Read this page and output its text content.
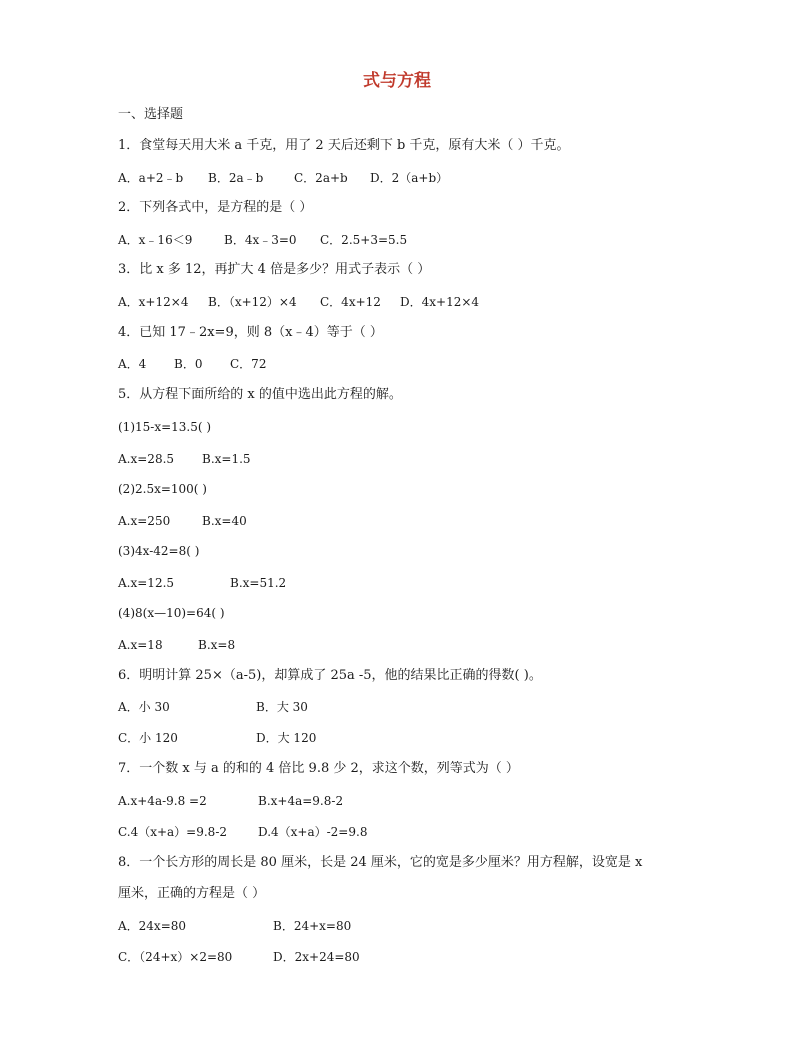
式与方程
一、选择题
1．食堂每天用大米 a 千克，用了 2 天后还剩下 b 千克，原有大米（ ）千克。
A．a+2﹣b B．2a﹣b	C．2a+b D．2（a+b）
2．下列各式中，是方程的是（ ）
A．x﹣16＜9	B．4x﹣3=0 C．2.5+3=5.5
3．比 x 多 12，再扩大 4 倍是多少？用式子表示（ ）
A．x+12×4 B．（x+12）×4 C．4x+12 D．4x+12×4
4．已知 17﹣2x=9，则 8（x﹣4）等于（ ）
A．4 B．0 C．72
5．从方程下面所给的 x 的值中选出此方程的解。
(1)15-x=13.5( )
A.x=28.5 B.x=1.5
(2)2.5x=100( )
A.x=250	B.x=40
(3)4x-42=8( )
A.x=12.5	B.x=51.2
(4)8(x—10)=64( )
A.x=18	B.x=8
6．明明计算 25×（a-5)，却算成了 25a -5，他的结果比正确的得数( )。
A．小 30	B．大 30
C．小 120	D．大 120
7．一个数 x 与 a 的和的 4 倍比 9.8 少 2，求这个数，列等式为（ ）
A.x+4a-9.8 =2	B.x+4a=9.8-2
C.4（x+a）=9.8-2	D.4（x+a）-2=9.8
8．一个长方形的周长是 80 厘米，长是 24 厘米，它的宽是多少厘米？用方程解，设宽是 x
厘米，正确的方程是（ ）
A．24x=80	B．24+x=80
C．（24+x）×2=80	D．2x+24=80
